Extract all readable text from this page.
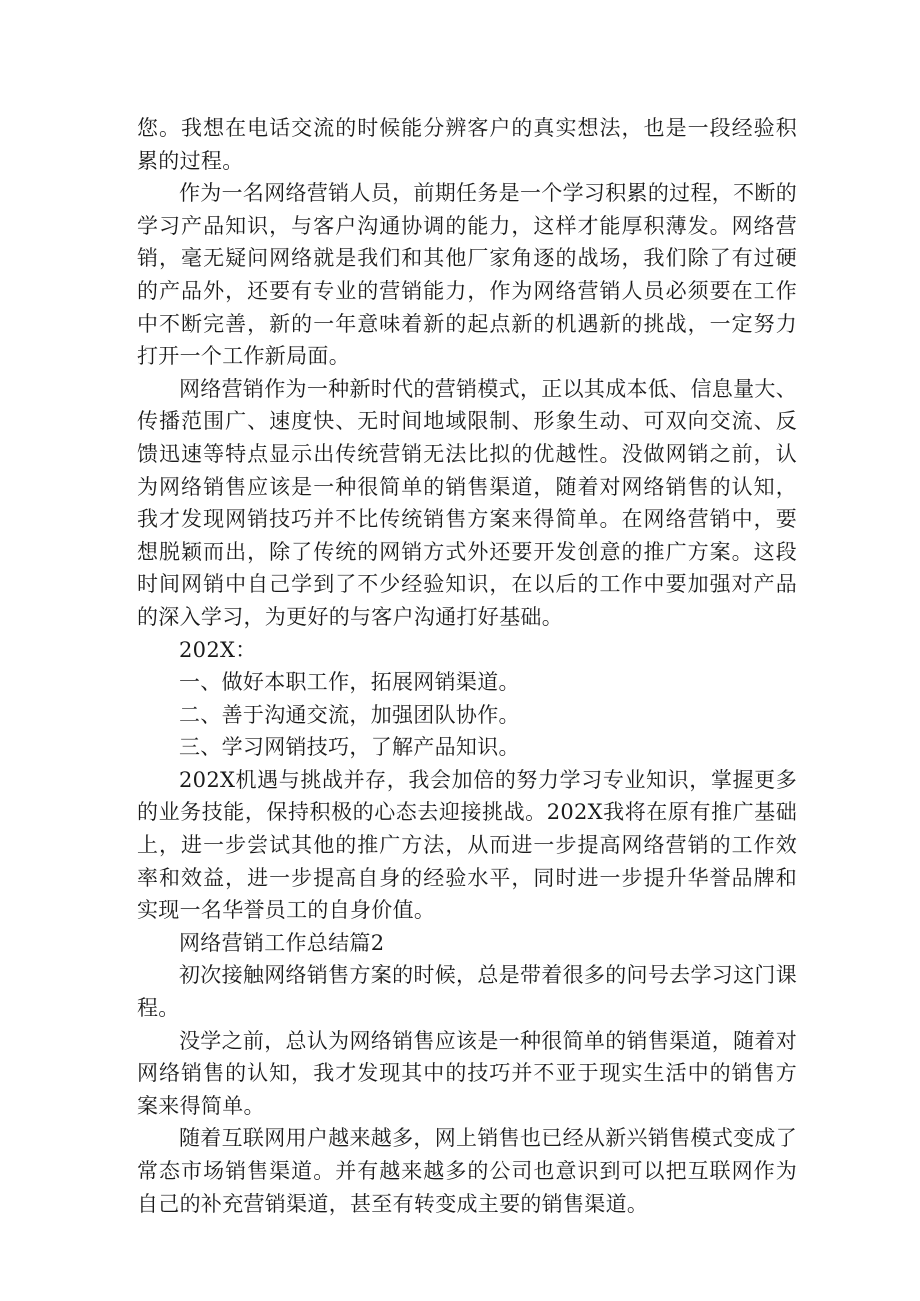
您。我想在电话交流的时候能分辨客户的真实想法，也是一段经验积累的过程。

作为一名网络营销人员，前期任务是一个学习积累的过程，不断的学习产品知识，与客户沟通协调的能力，这样才能厚积薄发。网络营销，毫无疑问网络就是我们和其他厂家角逐的战场，我们除了有过硬的产品外，还要有专业的营销能力，作为网络营销人员必须要在工作中不断完善，新的一年意味着新的起点新的机遇新的挑战，一定努力打开一个工作新局面。

网络营销作为一种新时代的营销模式，正以其成本低、信息量大、传播范围广、速度快、无时间地域限制、形象生动、可双向交流、反馈迅速等特点显示出传统营销无法比拟的优越性。没做网销之前，认为网络销售应该是一种很简单的销售渠道，随着对网络销售的认知，我才发现网销技巧并不比传统销售方案来得简单。在网络营销中，要想脱颖而出，除了传统的网销方式外还要开发创意的推广方案。这段时间网销中自己学到了不少经验知识，在以后的工作中要加强对产品的深入学习，为更好的与客户沟通打好基础。

202X：

一、做好本职工作，拓展网销渠道。

二、善于沟通交流，加强团队协作。

三、学习网销技巧，了解产品知识。

202X机遇与挑战并存，我会加倍的努力学习专业知识，掌握更多的业务技能，保持积极的心态去迎接挑战。202X我将在原有推广基础上，进一步尝试其他的推广方法，从而进一步提高网络营销的工作效率和效益，进一步提高自身的经验水平，同时进一步提升华誉品牌和实现一名华誉员工的自身价值。

网络营销工作总结篇2

初次接触网络销售方案的时候，总是带着很多的问号去学习这门课程。

没学之前，总认为网络销售应该是一种很简单的销售渠道，随着对网络销售的认知，我才发现其中的技巧并不亚于现实生活中的销售方案来得简单。

随着互联网用户越来越多，网上销售也已经从新兴销售模式变成了常态市场销售渠道。并有越来越多的公司也意识到可以把互联网作为自己的补充营销渠道，甚至有转变成主要的销售渠道。
